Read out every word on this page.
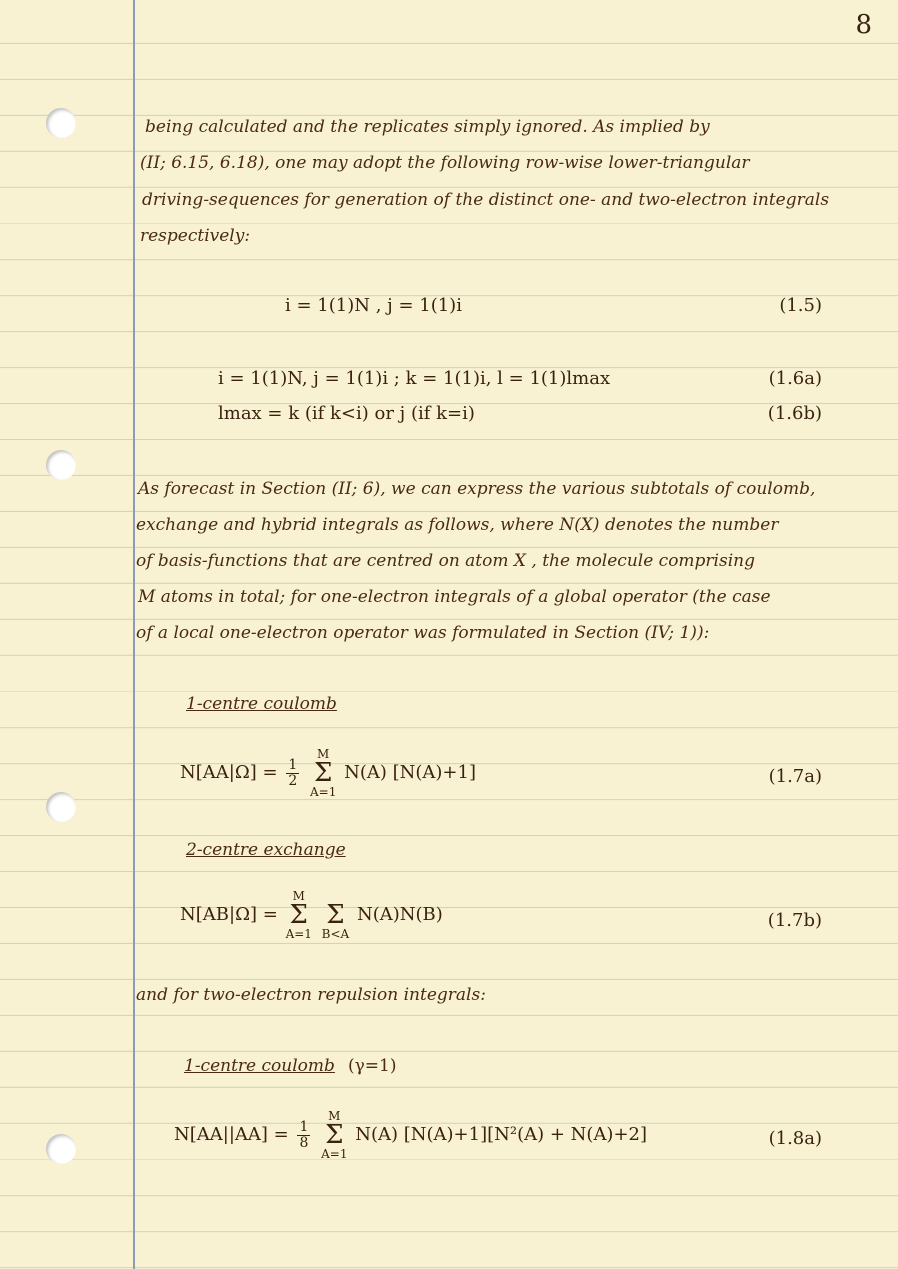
8
being calculated and the replicates simply ignored. As implied by
(II; 6.15, 6.18), one may adopt the following row-wise lower-triangular
driving-sequences for generation of the distinct one- and two-electron integrals
respectively:
i = 1(1)N , j = 1(1)i	(1.5)
i = 1(1)N, j = 1(1)i ; k = 1(1)i, l = 1(1)lmax	(1.6a)
lmax = k (if k<i) or j (if k=i)	(1.6b)
As forecast in Section (II; 6), we can express the various subtotals of coulomb,
exchange and hybrid integrals as follows, where N(X) denotes the number
of basis-functions that are centred on atom X , the molecule comprising
M atoms in total; for one-electron integrals of a global operator (the case
of a local one-electron operator was formulated in Section (IV; 1)):
1-centre coulomb
$N[AA|\Omega] = \frac{1}{2}$

M
Σ
A=1
N(A) [N(A)+1]	(1.7a)
2-centre exchange
N[AB|Ω] =
M
Σ
A=1

Σ
B<A
N(A)N(B)	(1.7b)
and for two-electron repulsion integrals:
1-centre coulomb (γ=1)
$N[AA||AA] = \frac{1}{8}$

M
Σ
A=1
N(A) [N(A)+1][N²(A) + N(A)+2]	(1.8a)
